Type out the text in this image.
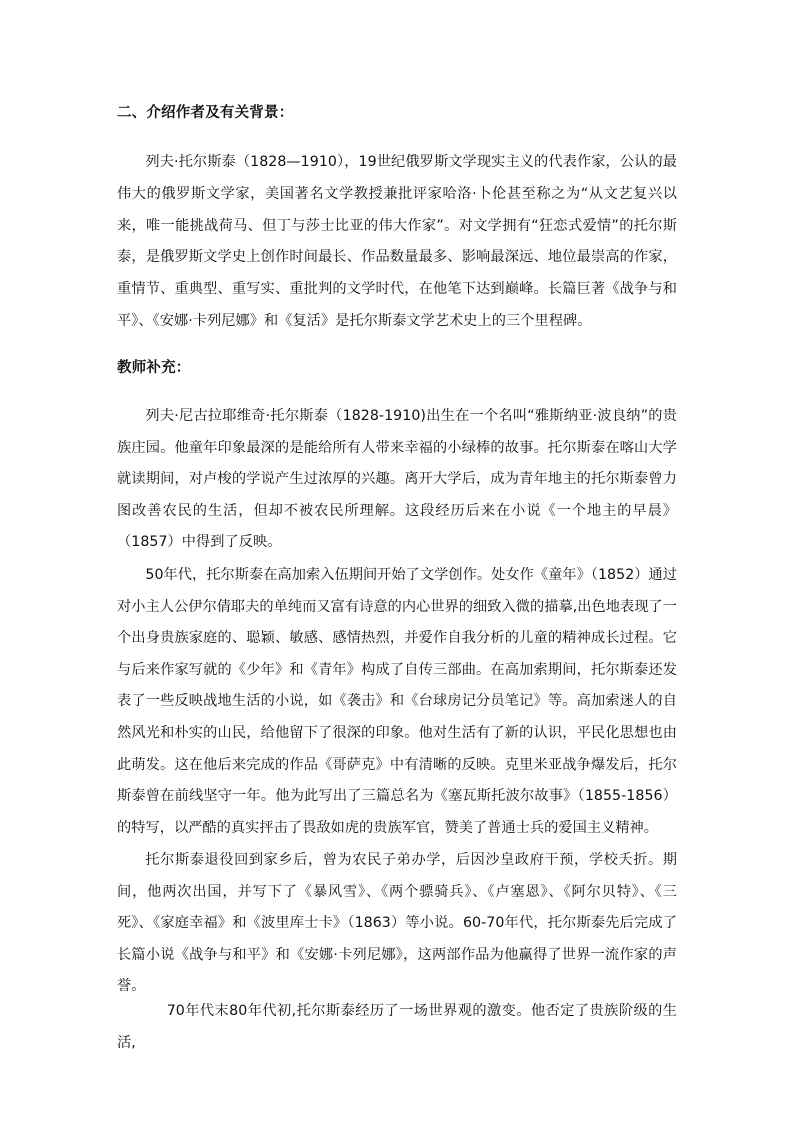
二、介绍作者及有关背景：
列夫·托尔斯泰（1828—1910），19世纪俄罗斯文学现实主义的代表作家，公认的最伟大的俄罗斯文学家，美国著名文学教授兼批评家哈洛·卜伦甚至称之为“从文艺复兴以来，唯一能挑战荷马、但丁与莎士比亚的伟大作家”。对文学拥有“狂恋式爱情”的托尔斯泰，是俄罗斯文学史上创作时间最长、作品数量最多、影响最深远、地位最崇高的作家，重情节、重典型、重写实、重批判的文学时代，在他笔下达到巅峰。长篇巨著《战争与和平》、《安娜·卡列尼娜》和《复活》是托尔斯泰文学艺术史上的三个里程碑。
教师补充：
列夫·尼古拉耶维奇·托尔斯泰（1828-1910)出生在一个名叫“雅斯纳亚·波良纳”的贵族庄园。他童年印象最深的是能给所有人带来幸福的小绿棒的故事。托尔斯泰在喀山大学就读期间，对卢梭的学说产生过浓厚的兴趣。离开大学后，成为青年地主的托尔斯泰曾力图改善农民的生活，但却不被农民所理解。这段经历后来在小说《一个地主的早晨》（1857）中得到了反映。
50年代，托尔斯泰在高加索入伍期间开始了文学创作。处女作《童年》（1852）通过对小主人公伊尔倩耶夫的单纯而又富有诗意的内心世界的细致入微的描摹,出色地表现了一个出身贵族家庭的、聪颖、敏感、感情热烈，并爱作自我分析的儿童的精神成长过程。它与后来作家写就的《少年》和《青年》构成了自传三部曲。在高加索期间，托尔斯泰还发表了一些反映战地生活的小说，如《袭击》和《台球房记分员笔记》等。高加索迷人的自然风光和朴实的山民，给他留下了很深的印象。他对生活有了新的认识，平民化思想也由此萌发。这在他后来完成的作品《哥萨克》中有清晰的反映。克里米亚战争爆发后，托尔斯泰曾在前线坚守一年。他为此写出了三篇总名为《塞瓦斯托波尔故事》（1855-1856）的特写，以严酷的真实抨击了畏敌如虎的贵族军官，赞美了普通士兵的爱国主义精神。
托尔斯泰退役回到家乡后，曾为农民子弟办学，后因沙皇政府干预，学校夭折。期间，他两次出国，并写下了《暴风雪》、《两个骠骑兵》、《卢塞恩》、《阿尔贝特》、《三死》、《家庭幸福》和《波里库士卡》（1863）等小说。60-70年代，托尔斯泰先后完成了长篇小说《战争与和平》和《安娜·卡列尼娜》，这两部作品为他赢得了世界一流作家的声誉。
70年代末80年代初,托尔斯泰经历了一场世界观的激变。他否定了贵族阶级的生活,
